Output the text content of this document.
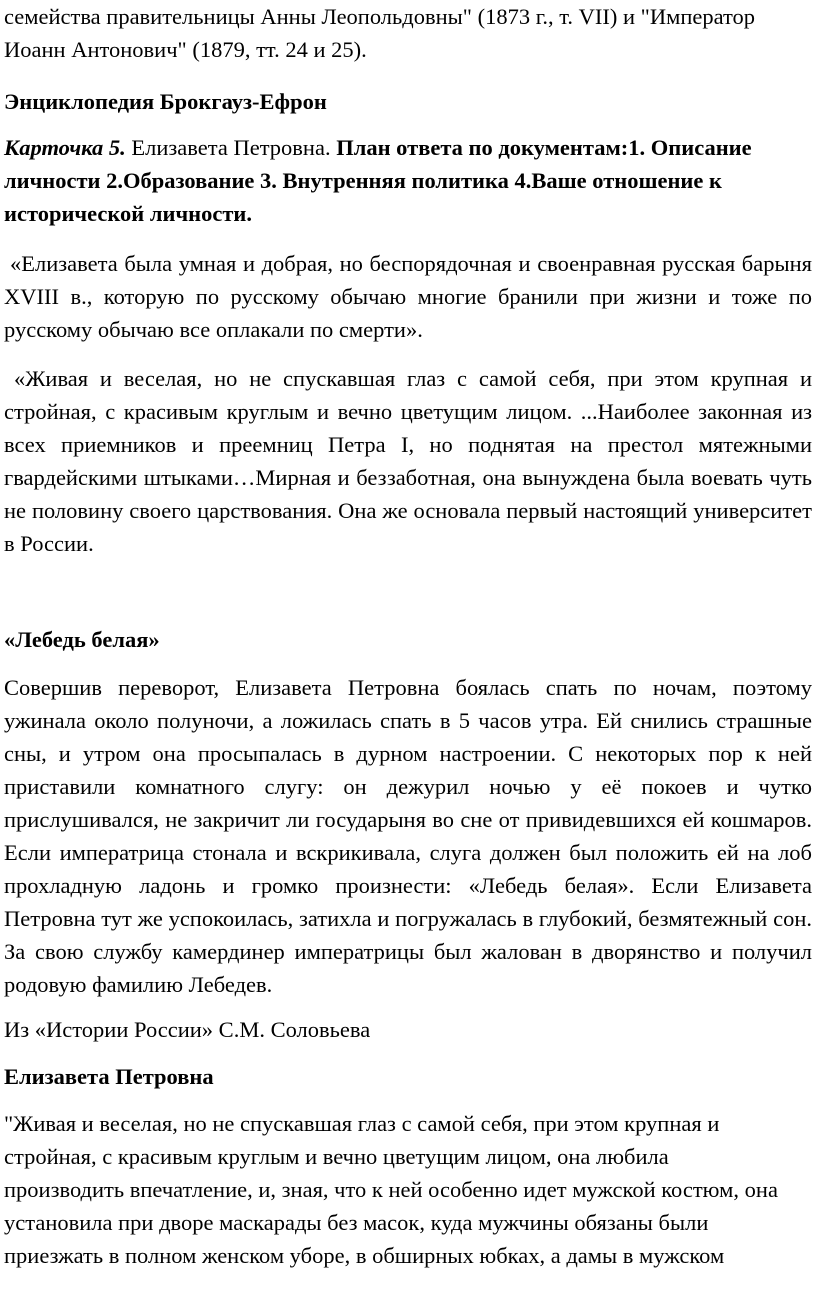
семейства правительницы Анны Леопольдовны" (1873 г., т. VII) и "Император Иоанн Антонович" (1879, тт. 24 и 25).

Энциклопедия Брокгауз-Ефрон

Карточка 5. Елизавета Петровна. План ответа по документам:1. Описание личности 2.Образование 3. Внутренняя политика 4.Ваше отношение к исторической личности.

«Елизавета была умная и добрая, но беспорядочная и своенравная русская барыня XVIII в., которую по русскому обычаю многие бранили при жизни и тоже по русскому обычаю все оплакали по смерти».

«Живая и веселая, но не спускавшая глаз с самой себя, при этом крупная и стройная, с красивым круглым и вечно цветущим лицом. ...Наиболее законная из всех приемников и преемниц Петра I, но поднятая на престол мятежными гвардейскими штыками…Мирная и беззаботная, она вынуждена была воевать чуть не половину своего царствования. Она же основала первый настоящий университет в России.

«Лебедь белая»

Совершив переворот, Елизавета Петровна боялась спать по ночам, поэтому ужинала около полуночи, а ложилась спать в 5 часов утра. Ей снились страшные сны, и утром она просыпалась в дурном настроении. С некоторых пор к ней приставили комнатного слугу: он дежурил ночью у её покоев и чутко прислушивался, не закричит ли государыня во сне от привидевшихся ей кошмаров. Если императрица стонала и вскрикивала, слуга должен был положить ей на лоб прохладную ладонь и громко произнести: «Лебедь белая». Если Елизавета Петровна тут же успокоилась, затихла и погружалась в глубокий, безмятежный сон. За свою службу камердинер императрицы был жалован в дворянство и получил родовую фамилию Лебедев.

Из «Истории России» С.М. Соловьева

Елизавета Петровна

"Живая и веселая, но не спускавшая глаз с самой себя, при этом крупная и стройная, с красивым круглым и вечно цветущим лицом, она любила производить впечатление, и, зная, что к ней особенно идет мужской костюм, она установила при дворе маскарады без масок, куда мужчины обязаны были приезжать в полном женском уборе, в обширных юбках, а дамы в мужском
